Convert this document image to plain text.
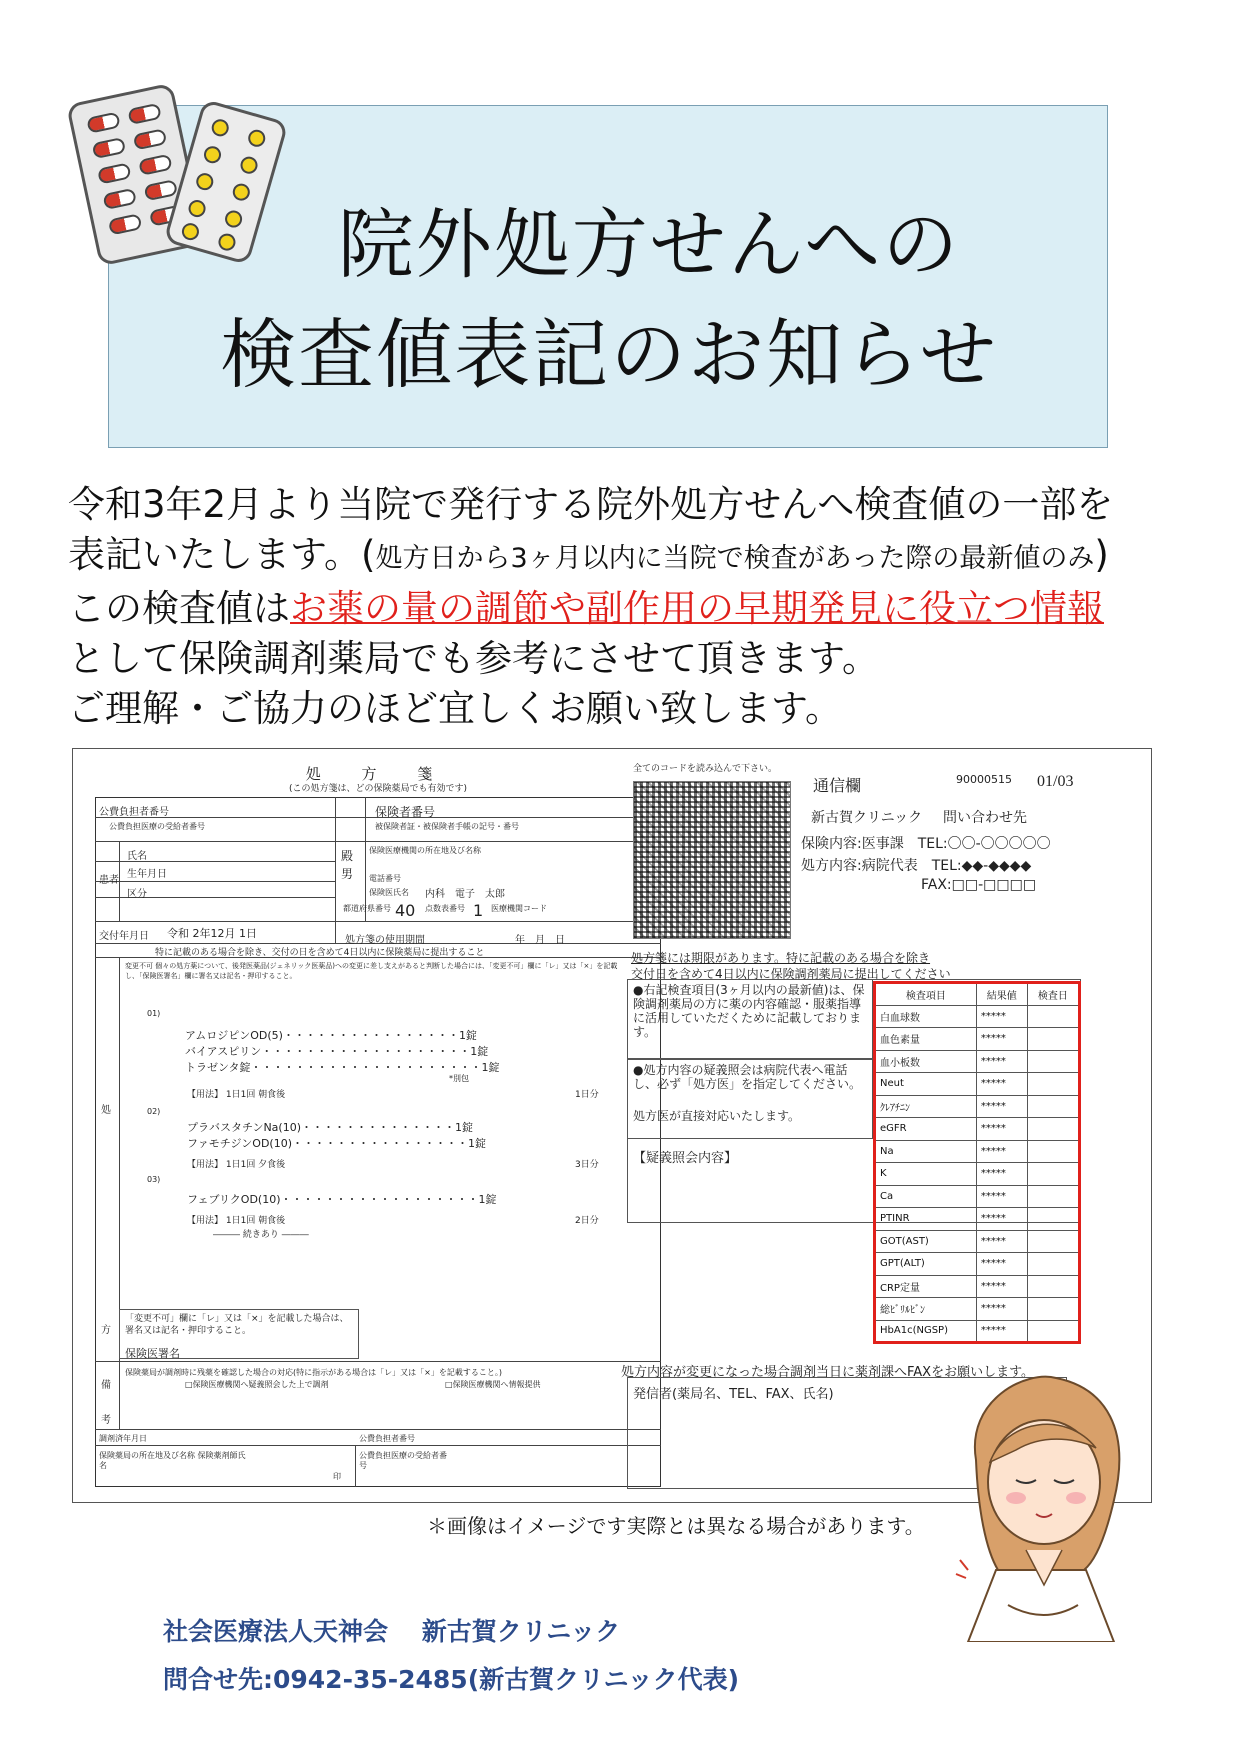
院外処方せんへの
検査値表記のお知らせ
令和3年2月より当院で発行する院外処方せんへ検査値の一部を
表記いたします。(処方日から3ヶ月以内に当院で検査があった際の最新値のみ)
この検査値はお薬の量の調節や副作用の早期発見に役立つ情報
として保険調剤薬局でも参考にさせて頂きます。
ご理解・ご協力のほど宜しくお願い致します。
処 方 箋
(この処方箋は、どの保険薬局でも有効です)
公費負担者番号	保険者番号
公費負担医療の受給者番号	被保険者証・被保険者手帳の記号・番号
患者
氏名
生年月日
区分
殿
男
保険医療機関の所在地及び名称
電話番号
保険医氏名 内科　電子　太郎
都道府県番号 40 点数表番号 1 医療機関コード
交付年月日 令和 2年12月 1日
処方箋の使用期間	年　月　日
特に記載のある場合を除き、交付の日を含めて4日以内に保険薬局に提出すること
処
方
備
考
変更不可 個々の処方薬について、後発医薬品(ジェネリック医薬品)への変更に差し支えがあると判断した場合には、「変更不可」欄に「レ」又は「×」を記載し、「保険医署名」欄に署名又は記名・押印すること。
01)
アムロジピンOD(5)・・・・・・・・・・・・・・・・1錠
バイアスピリン・・・・・・・・・・・・・・・・・・・1錠
トラゼンタ錠・・・・・・・・・・・・・・・・・・・・・1錠
*別包
【用法】 1日1回 朝食後	1日分
02)
プラバスタチンNa(10)・・・・・・・・・・・・・・1錠
ファモチジンOD(10)・・・・・・・・・・・・・・・・1錠
【用法】 1日1回 夕食後	3日分
03)
フェブリクOD(10)・・・・・・・・・・・・・・・・・・1錠
【用法】 1日1回 朝食後	2日分
――― 続きあり ―――
「変更不可」欄に「レ」又は「×」を記載した場合は、署名又は記名・押印すること。
保険医署名
保険薬局が調剤時に残薬を確認した場合の対応(特に指示がある場合は「レ」又は「×」を記載すること。)
□保険医療機関へ疑義照会した上で調剤	□保険医療機関へ情報提供
調剤済年月日	公費負担者番号
保険薬局の所在地及び名称 保険薬剤師氏名
印
公費負担医療の受給者番号
全てのコードを読み込んで下さい。
通信欄	90000515 01/03
新古賀クリニック 問い合わせ先
保険内容:医事課　TEL:〇〇-〇〇〇〇〇
処方内容:病院代表　TEL:◆◆-◆◆◆◆
FAX:□□-□□□□
処方箋には期限があります。特に記載のある場合を除き
交付日を含めて4日以内に保険調剤薬局に提出してください
●右記検査項目(3ヶ月以内の最新値)は、保険調剤薬局の方に薬の内容確認・服薬指導に活用していただくために記載しております。
●処方内容の疑義照会は病院代表へ電話し、必ず「処方医」を指定してください。
処方医が直接対応いたします。
【疑義照会内容】
検査項目	結果値	検査日
白血球数	*****	
血色素量	*****	
血小板数	*****	
Neut	*****	
ｸﾚｱﾁﾆﾝ	*****	
eGFR	*****	
Na	*****	
K	*****	
Ca	*****	
PTINR	*****	
GOT(AST)	*****	
GPT(ALT)	*****	
CRP定量	*****	
総ﾋﾞﾘﾙﾋﾞﾝ	*****	
HbA1c(NGSP)	*****	
処方内容が変更になった場合調剤当日に薬剤課へFAXをお願いします。
発信者(薬局名、TEL、FAX、氏名)
＊画像はイメージです実際とは異なる場合があります。
社会医療法人天神会　 新古賀クリニック
問合せ先:0942-35-2485(新古賀クリニック代表)
